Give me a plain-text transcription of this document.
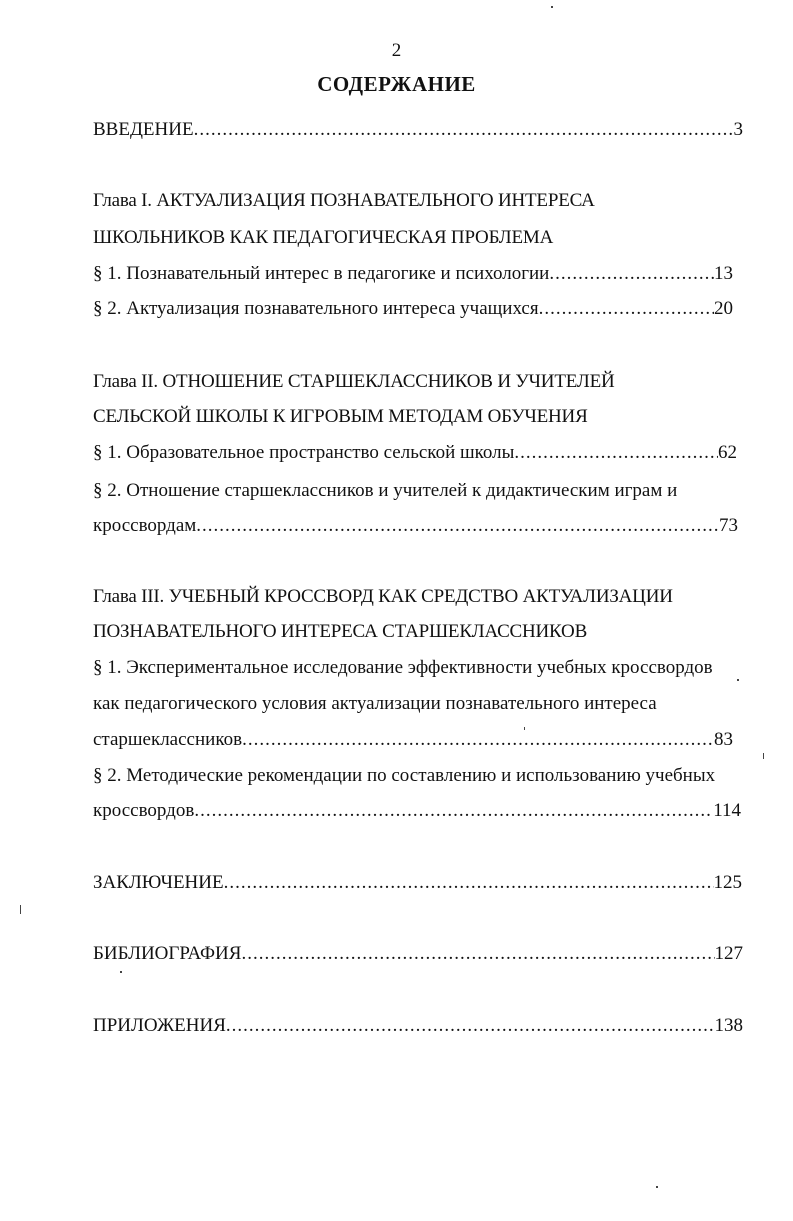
2
СОДЕРЖАНИЕ
ВВЕДЕНИЕ .....	3
Глава I. АКТУАЛИЗАЦИЯ ПОЗНАВАТЕЛЬНОГО ИНТЕРЕСА
ШКОЛЬНИКОВ КАК ПЕДАГОГИЧЕСКАЯ ПРОБЛЕМА
§ 1. Познавательный интерес в педагогике и психологии .....	13
§ 2. Актуализация познавательного интереса учащихся .....	20
Глава II. ОТНОШЕНИЕ СТАРШЕКЛАССНИКОВ И УЧИТЕЛЕЙ
СЕЛЬСКОЙ ШКОЛЫ К ИГРОВЫМ МЕТОДАМ ОБУЧЕНИЯ
§ 1. Образовательное пространство сельской школы .....	62
§ 2. Отношение старшеклассников и учителей к дидактическим играм и
кроссвордам .....	73
Глава III. УЧЕБНЫЙ КРОССВОРД КАК СРЕДСТВО АКТУАЛИЗАЦИИ
ПОЗНАВАТЕЛЬНОГО ИНТЕРЕСА СТАРШЕКЛАССНИКОВ
§ 1. Экспериментальное исследование эффективности учебных кроссвордов
как педагогического условия актуализации познавательного интереса
старшеклассников .....	83
§ 2. Методические рекомендации по составлению и использованию учебных
кроссвордов .....	114
ЗАКЛЮЧЕНИЕ .....	125
БИБЛИОГРАФИЯ .....	127
ПРИЛОЖЕНИЯ .....	138
